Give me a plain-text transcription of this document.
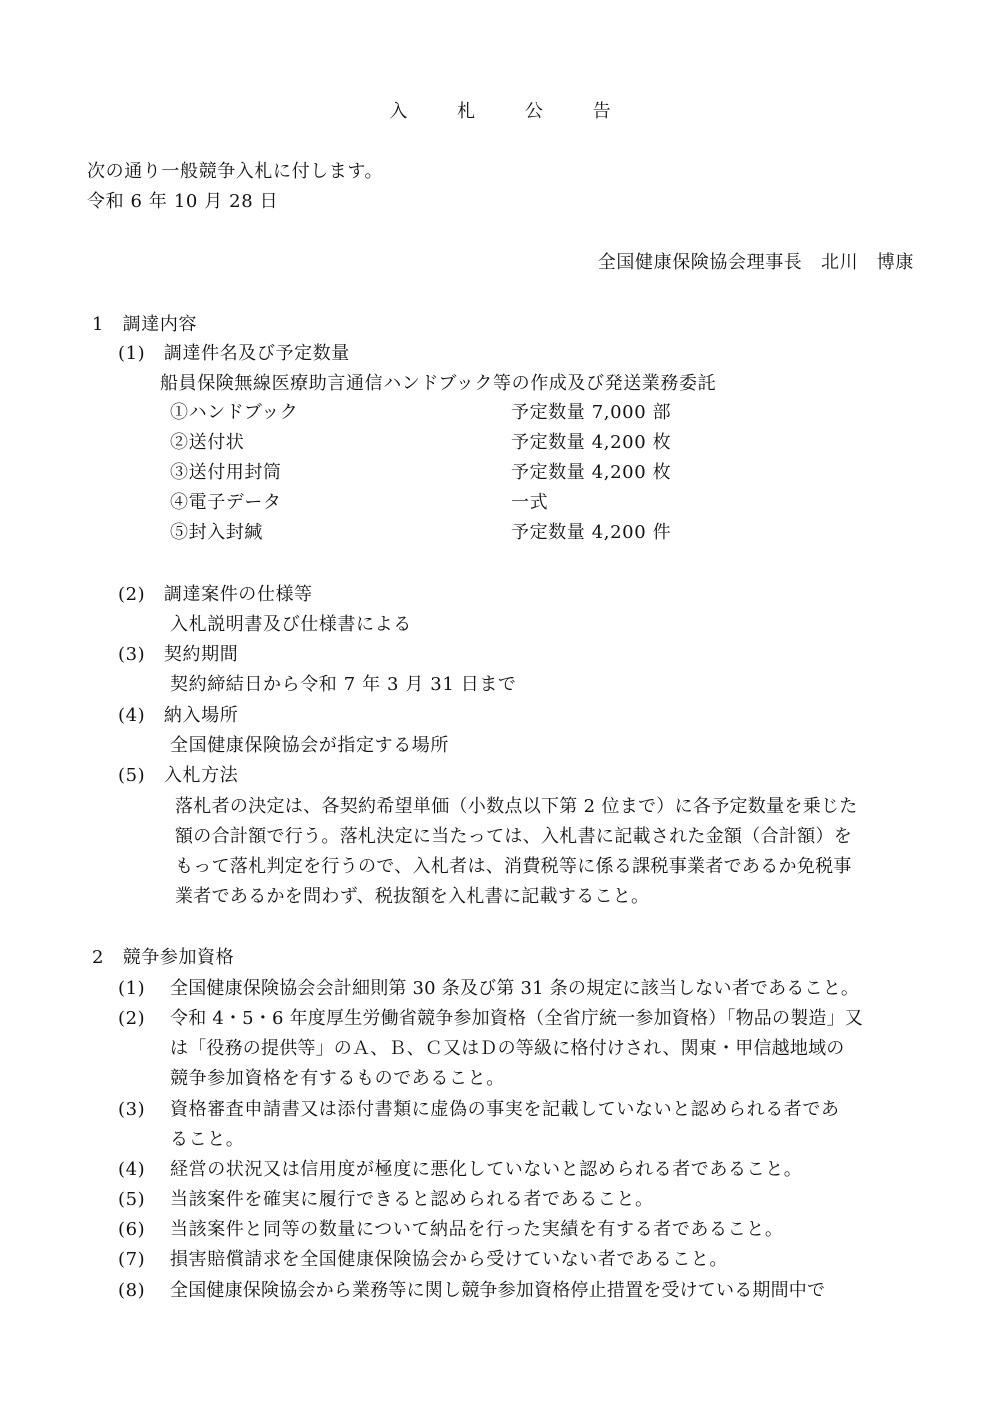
入 札 公 告
次の通り一般競争入札に付します。
令和 6 年 10 月 28 日
全国健康保険協会理事長　北川　博康
1　調達内容
(1)　調達件名及び予定数量
船員保険無線医療助言通信ハンドブック等の作成及び発送業務委託
①ハンドブック	予定数量 7,000 部
②送付状	予定数量 4,200 枚
③送付用封筒	予定数量 4,200 枚
④電子データ	一式
⑤封入封緘	予定数量 4,200 件
(2)　調達案件の仕様等
入札説明書及び仕様書による
(3)　契約期間
契約締結日から令和 7 年 3 月 31 日まで
(4)　納入場所
全国健康保険協会が指定する場所
(5)　入札方法
落札者の決定は、各契約希望単価（小数点以下第 2 位まで）に各予定数量を乗じた
額の合計額で行う。落札決定に当たっては、入札書に記載された金額（合計額）を
もって落札判定を行うので、入札者は、消費税等に係る課税事業者であるか免税事
業者であるかを問わず、税抜額を入札書に記載すること。
2　競争参加資格
(1) 全国健康保険協会会計細則第 30 条及び第 31 条の規定に該当しない者であること。
(2) 令和 4・5・6 年度厚生労働省競争参加資格（全省庁統一参加資格）「物品の製造」又
は「役務の提供等」のＡ、Ｂ、Ｃ又はＤの等級に格付けされ、関東・甲信越地域の
競争参加資格を有するものであること。
(3) 資格審査申請書又は添付書類に虚偽の事実を記載していないと認められる者であ
ること。
(4) 経営の状況又は信用度が極度に悪化していないと認められる者であること。
(5) 当該案件を確実に履行できると認められる者であること。
(6) 当該案件と同等の数量について納品を行った実績を有する者であること。
(7) 損害賠償請求を全国健康保険協会から受けていない者であること。
(8) 全国健康保険協会から業務等に関し競争参加資格停止措置を受けている期間中で
